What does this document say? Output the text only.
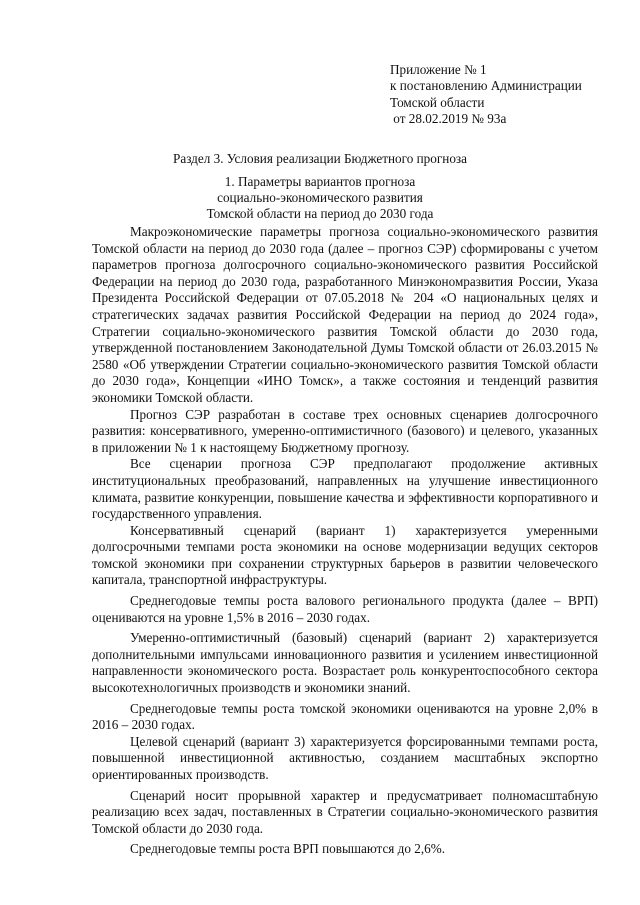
Приложение № 1
к постановлению Администрации
Томской области
от 28.02.2019 № 93а
Раздел 3. Условия реализации Бюджетного прогноза
1. Параметры вариантов прогноза
социально-экономического развития
Томской области на период до 2030 года

Макроэкономические параметры прогноза социально-экономического развития Томской области на период до 2030 года (далее – прогноз СЭР) сформированы с учетом параметров прогноза долгосрочного социально-экономического развития Российской Федерации на период до 2030 года, разработанного Минэкономразвития России, Указа Президента Российской Федерации от 07.05.2018 № 204 «О национальных целях и стратегических задачах развития Российской Федерации на период до 2024 года», Стратегии социально-экономического развития Томской области до 2030 года, утвержденной постановлением Законодательной Думы Томской области от 26.03.2015 № 2580 «Об утверждении Стратегии социально-экономического развития Томской области до 2030 года», Концепции «ИНО Томск», а также состояния и тенденций развития экономики Томской области.

Прогноз СЭР разработан в составе трех основных сценариев долгосрочного развития: консервативного, умеренно-оптимистичного (базового) и целевого, указанных в приложении № 1 к настоящему Бюджетному прогнозу.

Все сценарии прогноза СЭР предполагают продолжение активных институциональных преобразований, направленных на улучшение инвестиционного климата, развитие конкуренции, повышение качества и эффективности корпоративного и государственного управления.

Консервативный сценарий (вариант 1) характеризуется умеренными долгосрочными темпами роста экономики на основе модернизации ведущих секторов томской экономики при сохранении структурных барьеров в развитии человеческого капитала, транспортной инфраструктуры.

Среднегодовые темпы роста валового регионального продукта (далее – ВРП) оцениваются на уровне 1,5% в 2016 – 2030 годах.

Умеренно-оптимистичный (базовый) сценарий (вариант 2) характеризуется дополнительными импульсами инновационного развития и усилением инвестиционной направленности экономического роста. Возрастает роль конкурентоспособного сектора высокотехнологичных производств и экономики знаний.

Среднегодовые темпы роста томской экономики оцениваются на уровне 2,0% в 2016 – 2030 годах.

Целевой сценарий (вариант 3) характеризуется форсированными темпами роста, повышенной инвестиционной активностью, созданием масштабных экспортно ориентированных производств.

Сценарий носит прорывной характер и предусматривает полномасштабную реализацию всех задач, поставленных в Стратегии социально-экономического развития Томской области до 2030 года.

Среднегодовые темпы роста ВРП повышаются до 2,6%.
